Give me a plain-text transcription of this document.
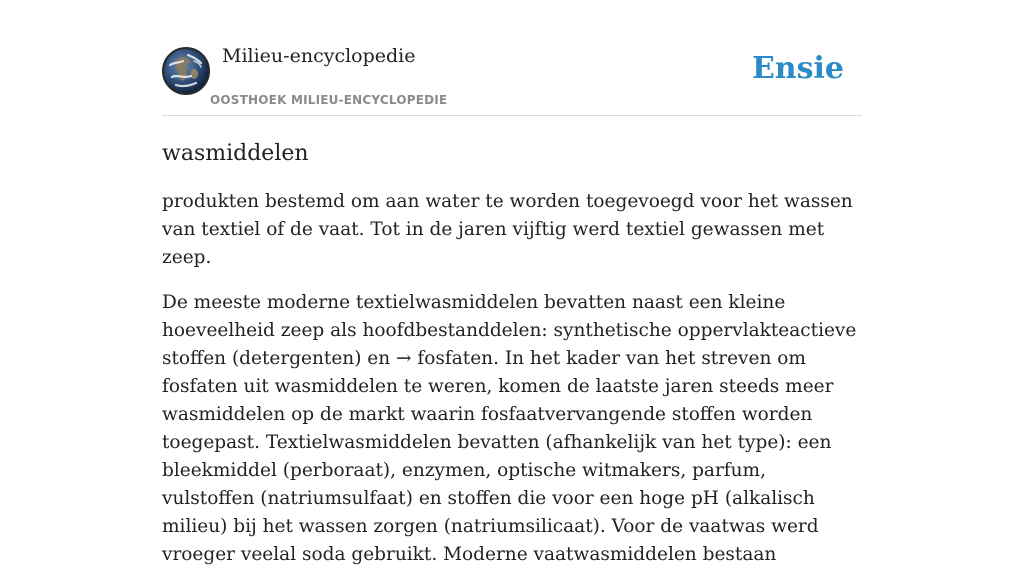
Milieu-encyclopedie
OOSTHOEK MILIEU-ENCYCLOPEDIE
Ensie
wasmiddelen

produkten bestemd om aan water te worden toegevoegd voor het wassen van textiel of de vaat. Tot in de jaren vijftig werd textiel gewassen met zeep.

De meeste moderne textielwasmiddelen bevatten naast een kleine hoeveelheid zeep als hoofdbestanddelen: synthetische oppervlakteactieve stoffen (detergenten) en → fosfaten. In het kader van het streven om fosfaten uit wasmiddelen te weren, komen de laatste jaren steeds meer wasmiddelen op de markt waarin fosfaatvervangende stoffen worden toegepast. Textielwasmiddelen bevatten (afhankelijk van het type): een bleekmiddel (perboraat), enzymen, optische witmakers, parfum, vulstoffen (natriumsulfaat) en stoffen die voor een hoge pH (alkalisch milieu) bij het wassen zorgen (natriumsilicaat). Voor de vaatwas werd vroeger veelal soda gebruikt. Moderne vaatwasmiddelen bestaan
